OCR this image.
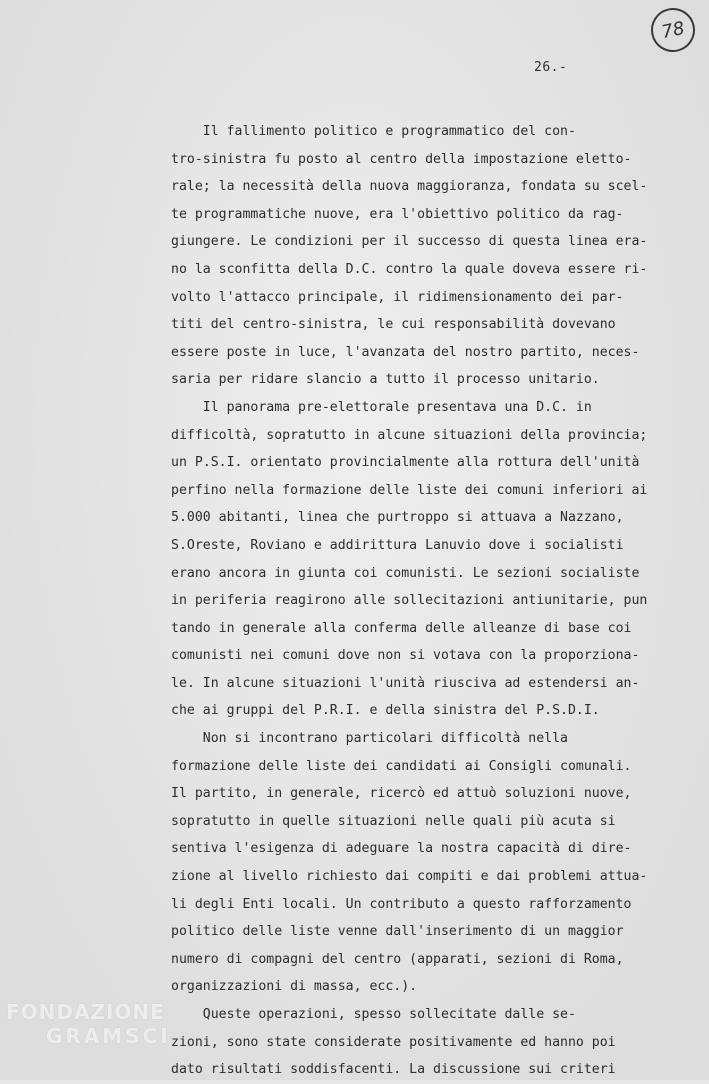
78
26.-
Il fallimento politico e programmatico del con-
tro-sinistra fu posto al centro della impostazione eletto-
rale; la necessità della nuova maggioranza, fondata su scel-
te programmatiche nuove, era l'obiettivo politico da rag-
giungere. Le condizioni per il successo di questa linea era-
no la sconfitta della D.C. contro la quale doveva essere ri-
volto l'attacco principale, il ridimensionamento dei par-
titi del centro-sinistra, le cui responsabilità dovevano
essere poste in luce, l'avanzata del nostro partito, neces-
saria per ridare slancio a tutto il processo unitario.
Il panorama pre-elettorale presentava una D.C. in
difficoltà, sopratutto in alcune situazioni della provincia;
un P.S.I. orientato provincialmente alla rottura dell'unità
perfino nella formazione delle liste dei comuni inferiori ai
5.000 abitanti, linea che purtroppo si attuava a Nazzano,
S.Oreste, Roviano e addirittura Lanuvio dove i socialisti
erano ancora in giunta coi comunisti. Le sezioni socialiste
in periferia reagirono alle sollecitazioni antiunitarie, pun
tando in generale alla conferma delle alleanze di base coi
comunisti nei comuni dove non si votava con la proporziona-
le. In alcune situazioni l'unità riusciva ad estendersi an-
che ai gruppi del P.R.I. e della sinistra del P.S.D.I.
Non si incontrano particolari difficoltà nella
formazione delle liste dei candidati ai Consigli comunali.
Il partito, in generale, ricercò ed attuò soluzioni nuove,
sopratutto in quelle situazioni nelle quali più acuta si
sentiva l'esigenza di adeguare la nostra capacità di dire-
zione al livello richiesto dai compiti e dai problemi attua-
li degli Enti locali. Un contributo a questo rafforzamento
politico delle liste venne dall'inserimento di un maggior
numero di compagni del centro (apparati, sezioni di Roma,
organizzazioni di massa, ecc.).
Queste operazioni, spesso sollecitate dalle se-
zioni, sono state considerate positivamente ed hanno poi
dato risultati soddisfacenti. La discussione sui criteri
FONDAZIONE
GRAMSCI
